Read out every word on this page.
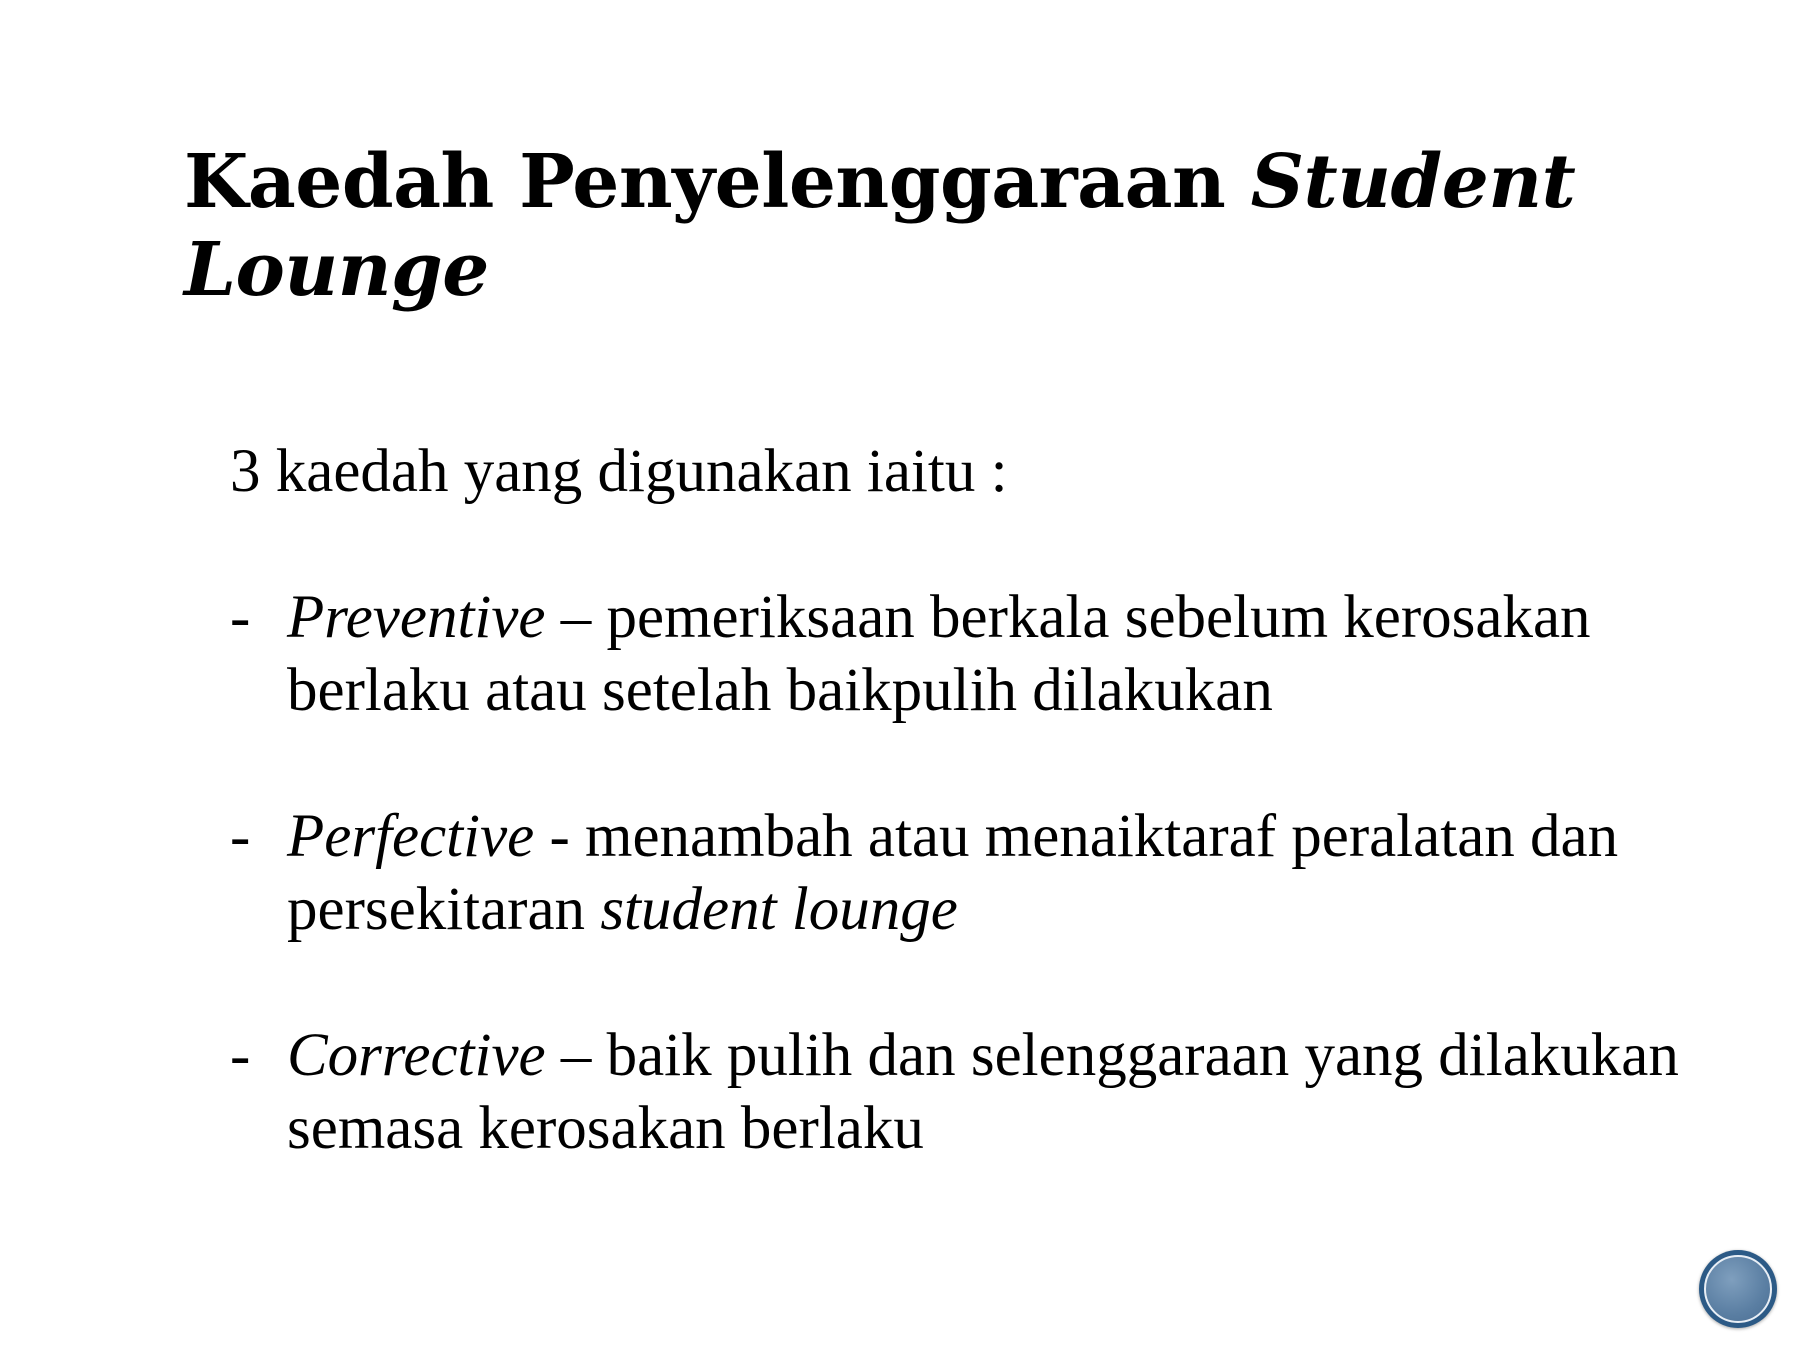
Kaedah Penyelenggaraan Student Lounge

3 kaedah yang digunakan iaitu :

- Preventive – pemeriksaan berkala sebelum kerosakan berlaku atau setelah baikpulih dilakukan
- Perfective - menambah atau menaiktaraf peralatan dan persekitaran student lounge
- Corrective – baik pulih dan selenggaraan yang dilakukan semasa kerosakan berlaku
